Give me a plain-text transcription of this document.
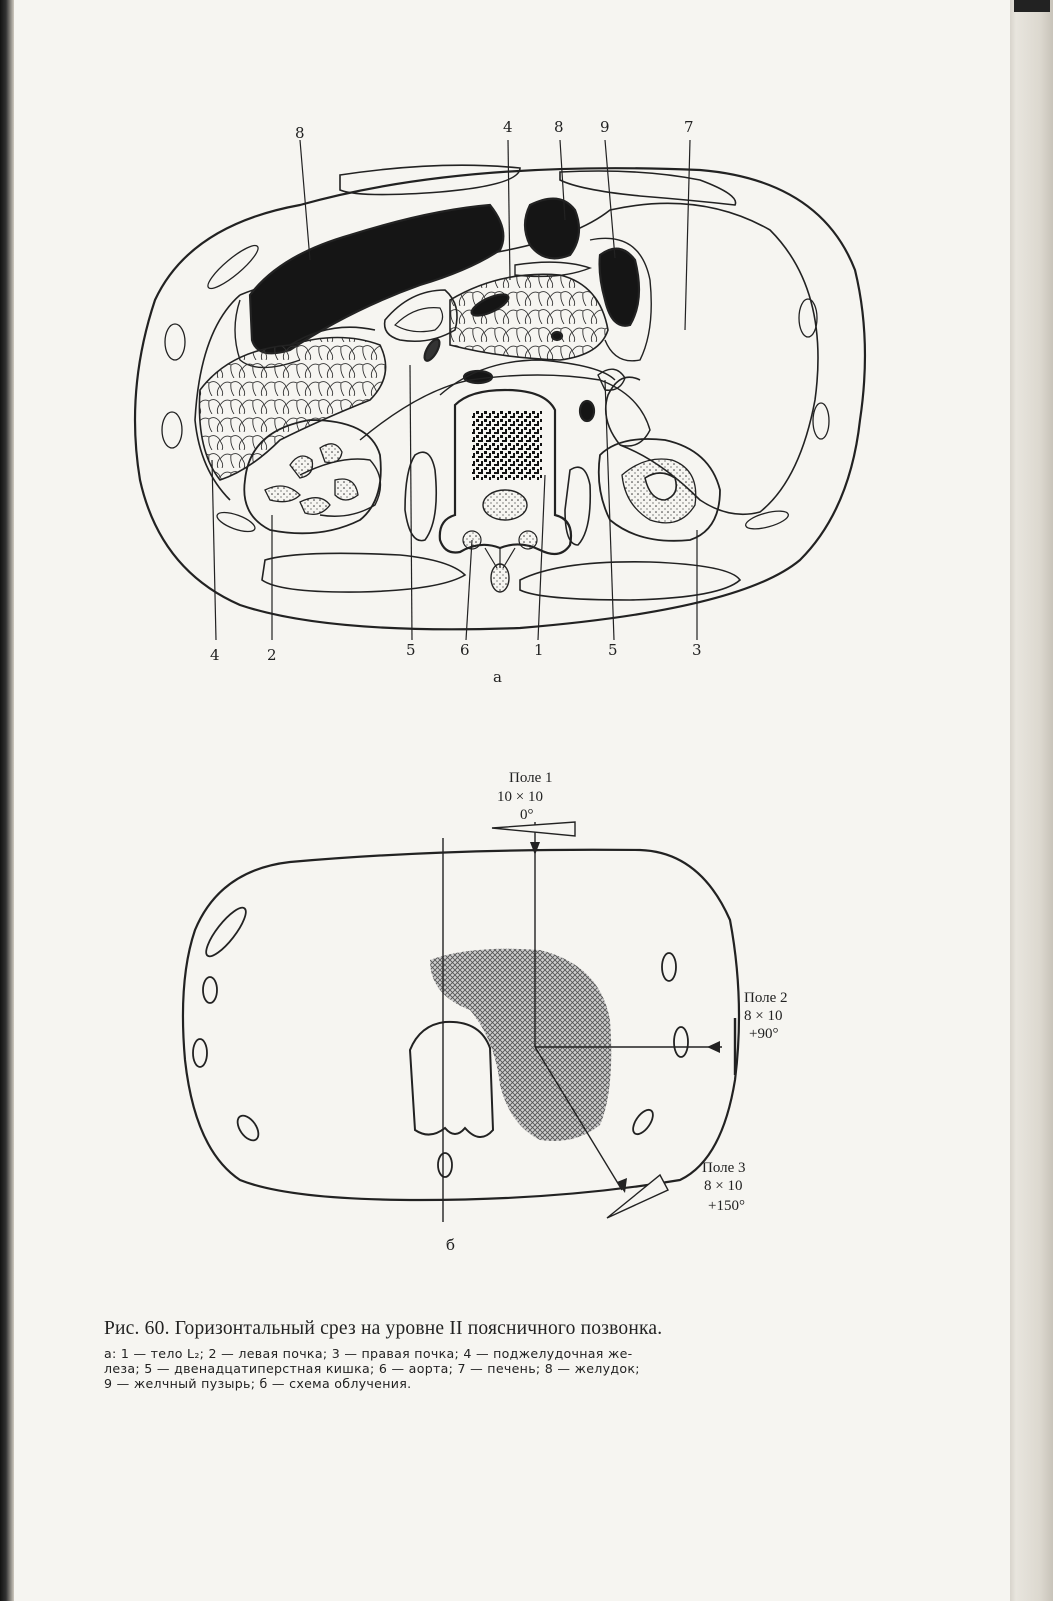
8	4	8 9	7
4	2	5	6	1	5	3
а
Поле 1
10 × 10
0°
Поле 2
8 × 10
+90°
Поле 3
8 × 10
+150°
б

Рис. 60. Горизонтальный срез на уровне II поясничного позвонка.

а: 1 — тело L₂; 2 — левая почка; 3 — правая почка; 4 — поджелудочная же-
леза; 5 — двенадцатиперстная кишка; 6 — аорта; 7 — печень; 8 — желудок;
9 — желчный пузырь; б — схема облучения.
